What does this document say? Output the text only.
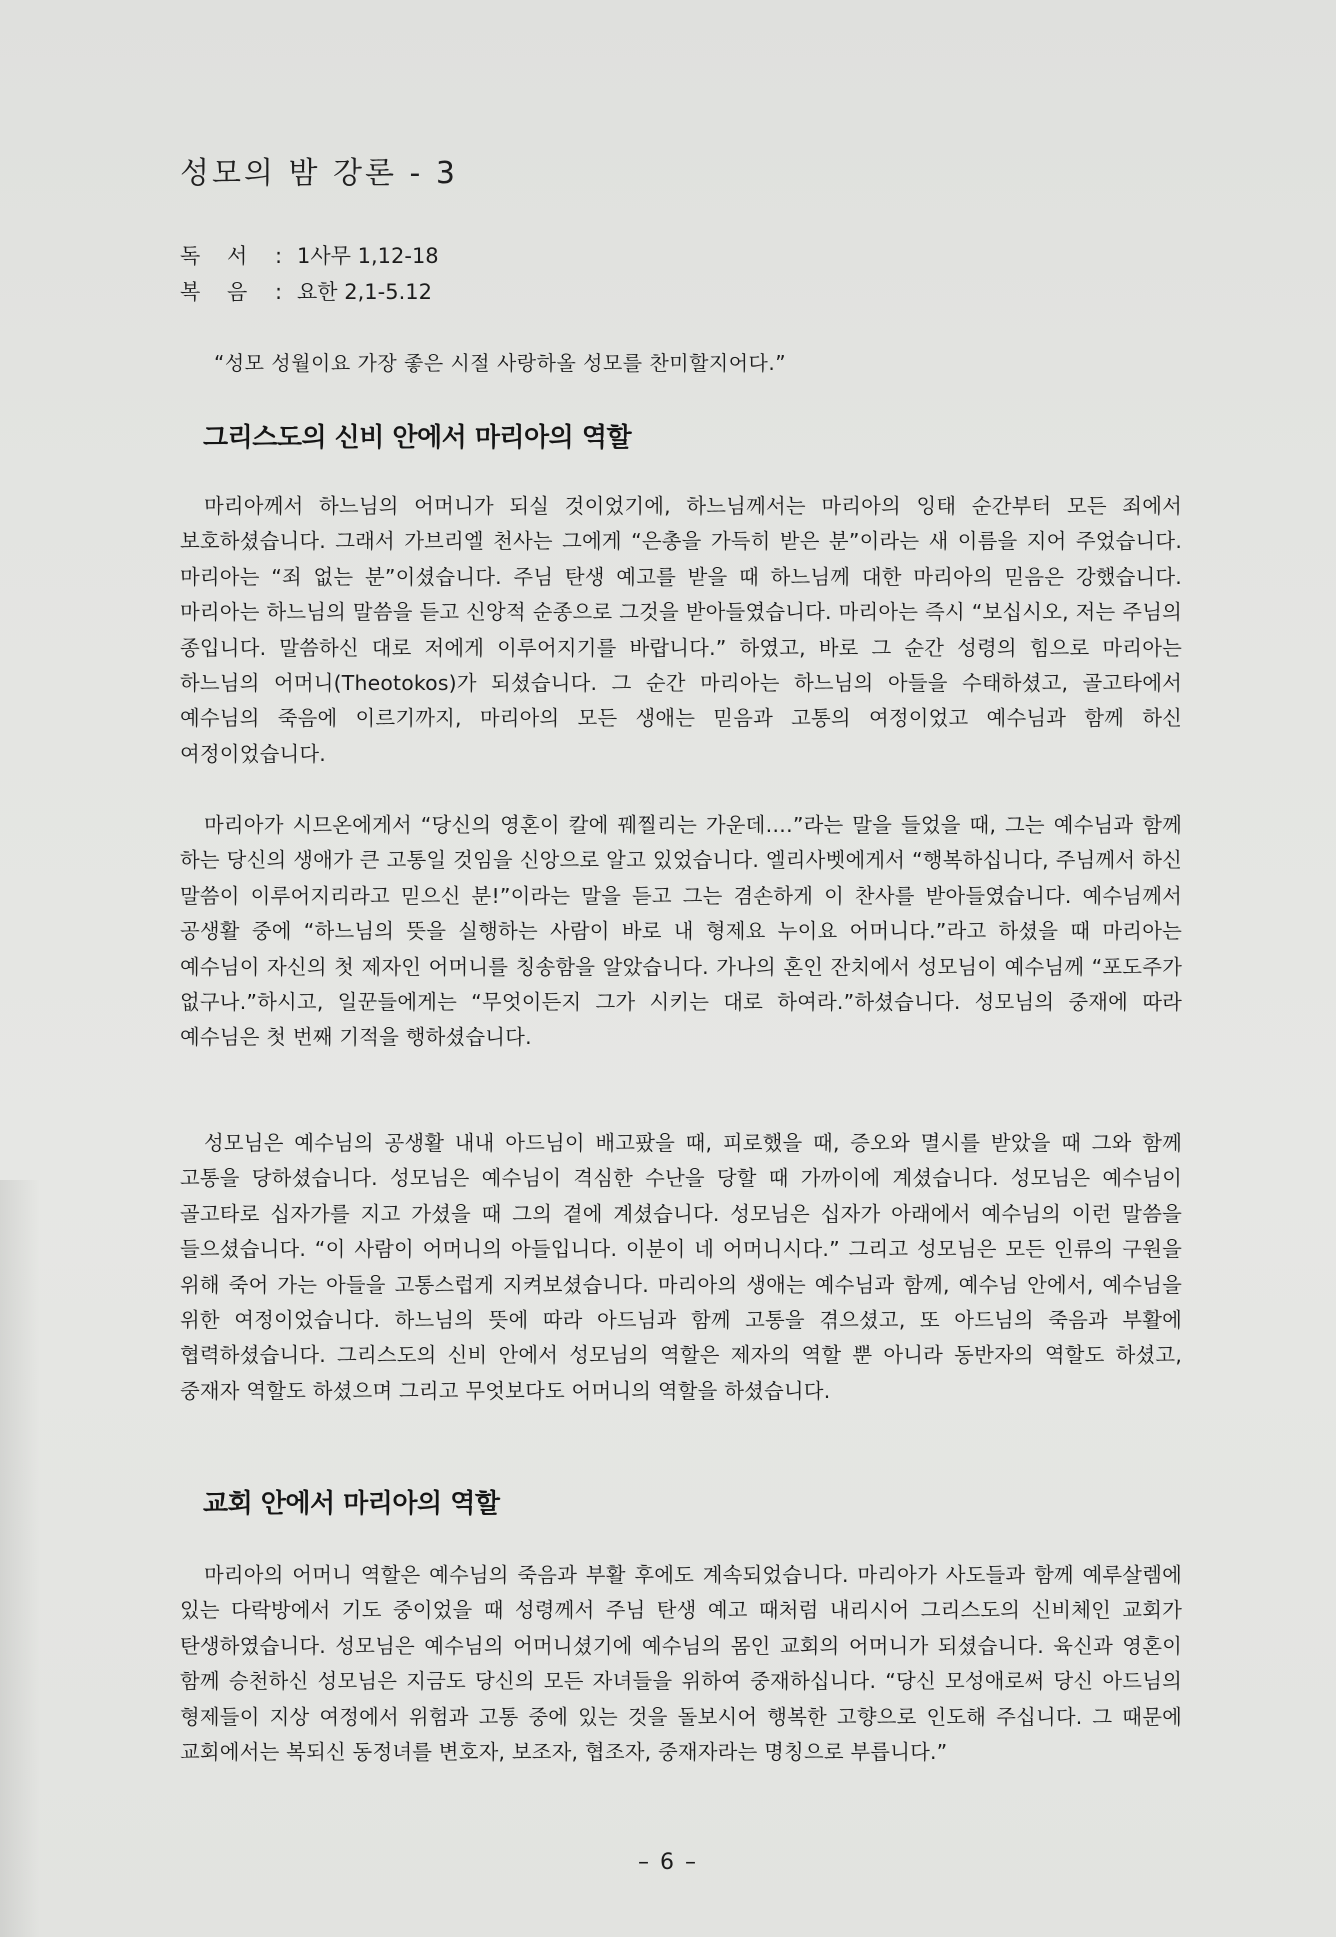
성모의 밤 강론 - 3
독    서	: 1사무 1,12-18
복    음	: 요한 2,1-5.12
“성모 성월이요 가장 좋은 시절 사랑하올 성모를 찬미할지어다.”
그리스도의 신비 안에서 마리아의 역할

마리아께서 하느님의 어머니가 되실 것이었기에, 하느님께서는 마리아의 잉태 순간부터 모든 죄에서 보호하셨습니다. 그래서 가브리엘 천사는 그에게 “은총을 가득히 받은 분”이라는 새 이름을 지어 주었습니다. 마리아는 “죄 없는 분”이셨습니다. 주님 탄생 예고를 받을 때 하느님께 대한 마리아의 믿음은 강했습니다. 마리아는 하느님의 말씀을 듣고 신앙적 순종으로 그것을 받아들였습니다. 마리아는 즉시 “보십시오, 저는 주님의 종입니다. 말씀하신 대로 저에게 이루어지기를 바랍니다.” 하였고, 바로 그 순간 성령의 힘으로 마리아는 하느님의 어머니(Theotokos)가 되셨습니다. 그 순간 마리아는 하느님의 아들을 수태하셨고, 골고타에서 예수님의 죽음에 이르기까지, 마리아의 모든 생애는 믿음과 고통의 여정이었고 예수님과 함께 하신 여정이었습니다.

마리아가 시므온에게서 “당신의 영혼이 칼에 꿰찔리는 가운데….”라는 말을 들었을 때, 그는 예수님과 함께 하는 당신의 생애가 큰 고통일 것임을 신앙으로 알고 있었습니다. 엘리사벳에게서 “행복하십니다, 주님께서 하신 말씀이 이루어지리라고 믿으신 분!”이라는 말을 듣고 그는 겸손하게 이 찬사를 받아들였습니다. 예수님께서 공생활 중에 “하느님의 뜻을 실행하는 사람이 바로 내 형제요 누이요 어머니다.”라고 하셨을 때 마리아는 예수님이 자신의 첫 제자인 어머니를 칭송함을 알았습니다. 가나의 혼인 잔치에서 성모님이 예수님께 “포도주가 없구나.”하시고, 일꾼들에게는 “무엇이든지 그가 시키는 대로 하여라.”하셨습니다. 성모님의 중재에 따라 예수님은 첫 번째 기적을 행하셨습니다.

성모님은 예수님의 공생활 내내 아드님이 배고팠을 때, 피로했을 때, 증오와 멸시를 받았을 때 그와 함께 고통을 당하셨습니다. 성모님은 예수님이 격심한 수난을 당할 때 가까이에 계셨습니다. 성모님은 예수님이 골고타로 십자가를 지고 가셨을 때 그의 곁에 계셨습니다. 성모님은 십자가 아래에서 예수님의 이런 말씀을 들으셨습니다. “이 사람이 어머니의 아들입니다. 이분이 네 어머니시다.” 그리고 성모님은 모든 인류의 구원을 위해 죽어 가는 아들을 고통스럽게 지켜보셨습니다. 마리아의 생애는 예수님과 함께, 예수님 안에서, 예수님을 위한 여정이었습니다. 하느님의 뜻에 따라 아드님과 함께 고통을 겪으셨고, 또 아드님의 죽음과 부활에 협력하셨습니다. 그리스도의 신비 안에서 성모님의 역할은 제자의 역할 뿐 아니라 동반자의 역할도 하셨고, 중재자 역할도 하셨으며 그리고 무엇보다도 어머니의 역할을 하셨습니다.

교회 안에서 마리아의 역할

마리아의 어머니 역할은 예수님의 죽음과 부활 후에도 계속되었습니다. 마리아가 사도들과 함께 예루살렘에 있는 다락방에서 기도 중이었을 때 성령께서 주님 탄생 예고 때처럼 내리시어 그리스도의 신비체인 교회가 탄생하였습니다. 성모님은 예수님의 어머니셨기에 예수님의 몸인 교회의 어머니가 되셨습니다. 육신과 영혼이 함께 승천하신 성모님은 지금도 당신의 모든 자녀들을 위하여 중재하십니다. “당신 모성애로써 당신 아드님의 형제들이 지상 여정에서 위험과 고통 중에 있는 것을 돌보시어 행복한 고향으로 인도해 주십니다. 그 때문에 교회에서는 복되신 동정녀를 변호자, 보조자, 협조자, 중재자라는 명칭으로 부릅니다.”

– 6 –
